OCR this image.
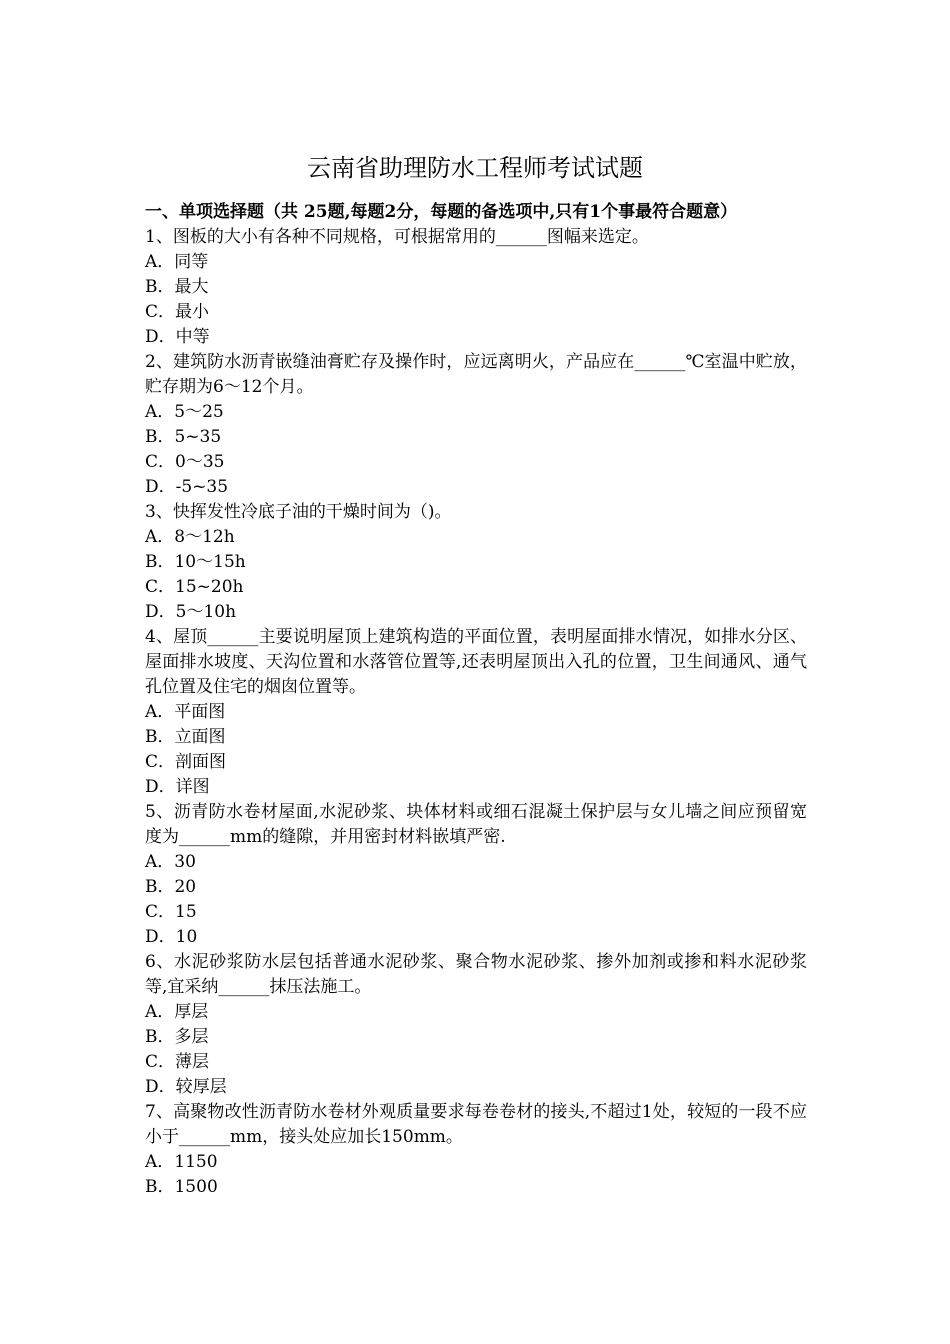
云南省助理防水工程师考试试题

一、单项选择题（共 25题,每题2分，每题的备选项中,只有1个事最符合题意）

1、图板的大小有各种不同规格，可根据常用的______图幅来选定。

A．同等

B．最大

C．最小

D．中等

2、建筑防水沥青嵌缝油膏贮存及操作时，应远离明火，产品应在______℃室温中贮放，贮存期为6～12个月。

A．5～25

B．5~35

C．0～35

D．-5~35

3、快挥发性冷底子油的干燥时间为（)。

A．8～12h

B．10～15h

C．15~20h

D．5～10h

4、屋顶______主要说明屋顶上建筑构造的平面位置，表明屋面排水情况，如排水分区、屋面排水坡度、天沟位置和水落管位置等,还表明屋顶出入孔的位置，卫生间通风、通气孔位置及住宅的烟囱位置等。

A．平面图

B．立面图

C．剖面图

D．详图

5、沥青防水卷材屋面,水泥砂浆、块体材料或细石混凝土保护层与女儿墙之间应预留宽度为______mm的缝隙，并用密封材料嵌填严密.

A．30

B．20

C．15

D．10

6、水泥砂浆防水层包括普通水泥砂浆、聚合物水泥砂浆、掺外加剂或掺和料水泥砂浆等,宜采纳______抹压法施工。

A．厚层

B．多层

C．薄层

D．较厚层

7、高聚物改性沥青防水卷材外观质量要求每卷卷材的接头,不超过1处，较短的一段不应小于______mm，接头处应加长150mm。

A．1150

B．1500
